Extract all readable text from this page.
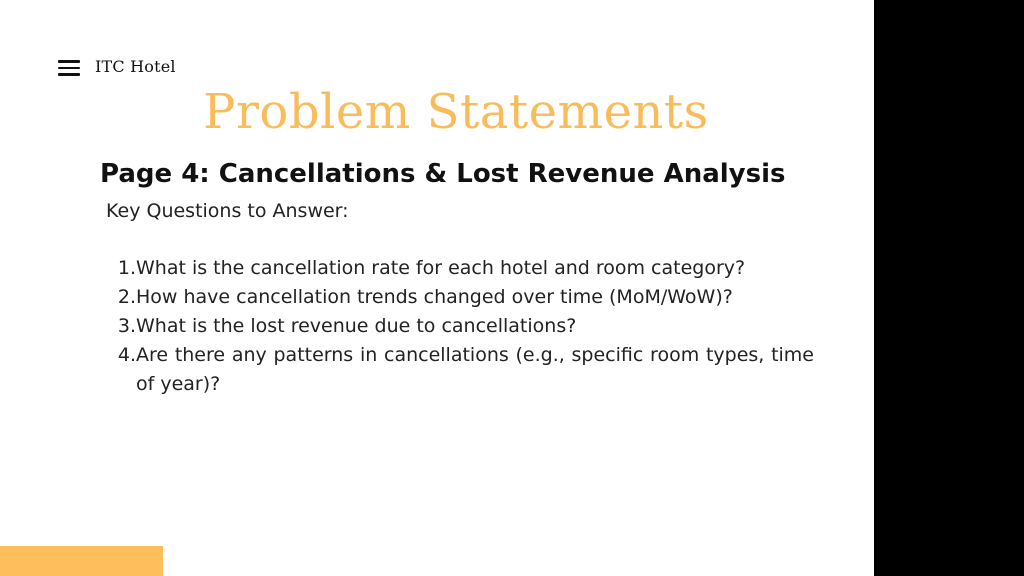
ITC Hotel
Problem Statements
Page 4: Cancellations & Lost Revenue Analysis
Key Questions to Answer:
1. What is the cancellation rate for each hotel and room category?
2. How have cancellation trends changed over time (MoM/WoW)?
3. What is the lost revenue due to cancellations?
4. Are there any patterns in cancellations (e.g., specific room types, time of year)?
